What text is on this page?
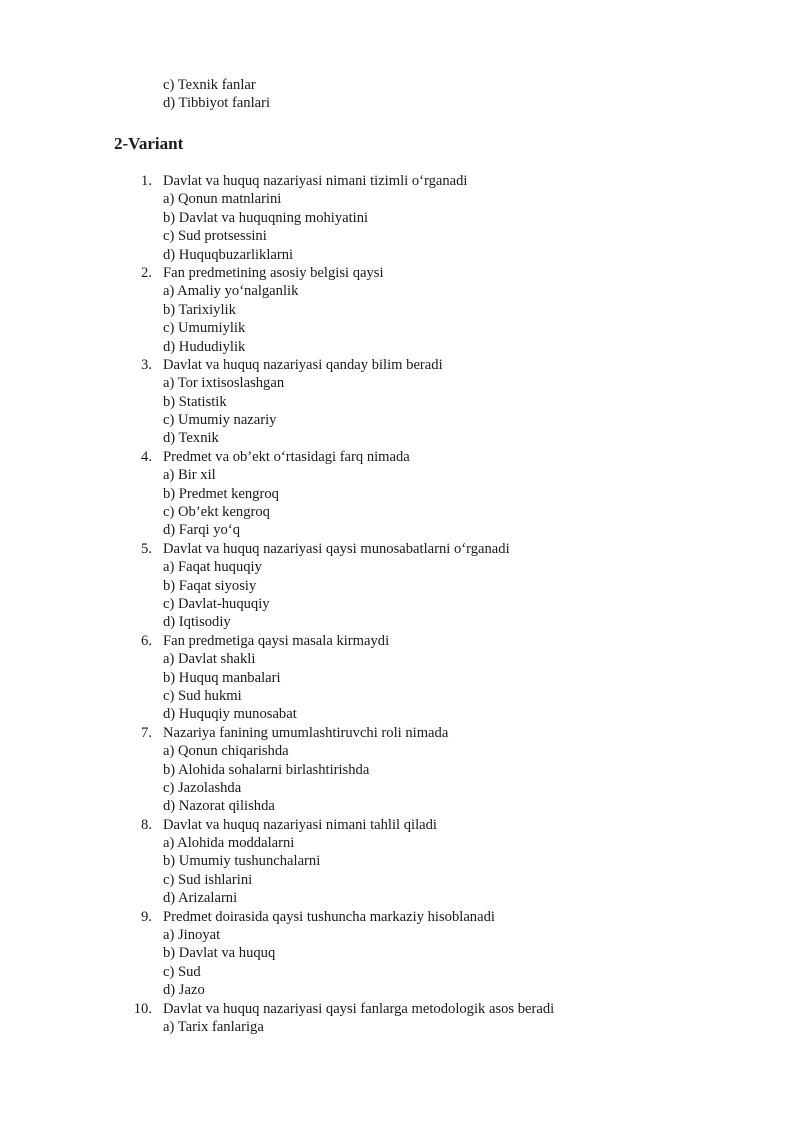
c) Texnik fanlar
d) Tibbiyot fanlari
2-Variant
1. Davlat va huquq nazariyasi nimani tizimli o‘rganadi
a) Qonun matnlarini
b) Davlat va huquqning mohiyatini
c) Sud protsessini
d) Huquqbuzarliklarni
2. Fan predmetining asosiy belgisi qaysi
a) Amaliy yo‘nalganlik
b) Tarixiylik
c) Umumiylik
d) Hududiylik
3. Davlat va huquq nazariyasi qanday bilim beradi
a) Tor ixtisoslashgan
b) Statistik
c) Umumiy nazariy
d) Texnik
4. Predmet va ob’ekt o‘rtasidagi farq nimada
a) Bir xil
b) Predmet kengroq
c) Ob’ekt kengroq
d) Farqi yo‘q
5. Davlat va huquq nazariyasi qaysi munosabatlarni o‘rganadi
a) Faqat huquqiy
b) Faqat siyosiy
c) Davlat-huquqiy
d) Iqtisodiy
6. Fan predmetiga qaysi masala kirmaydi
a) Davlat shakli
b) Huquq manbalari
c) Sud hukmi
d) Huquqiy munosabat
7. Nazariya fanining umumlashtiruvchi roli nimada
a) Qonun chiqarishda
b) Alohida sohalarni birlashtirishda
c) Jazolashda
d) Nazorat qilishda
8. Davlat va huquq nazariyasi nimani tahlil qiladi
a) Alohida moddalarni
b) Umumiy tushunchalarni
c) Sud ishlarini
d) Arizalarni
9. Predmet doirasida qaysi tushuncha markaziy hisoblanadi
a) Jinoyat
b) Davlat va huquq
c) Sud
d) Jazo
10. Davlat va huquq nazariyasi qaysi fanlarga metodologik asos beradi
a) Tarix fanlariga
